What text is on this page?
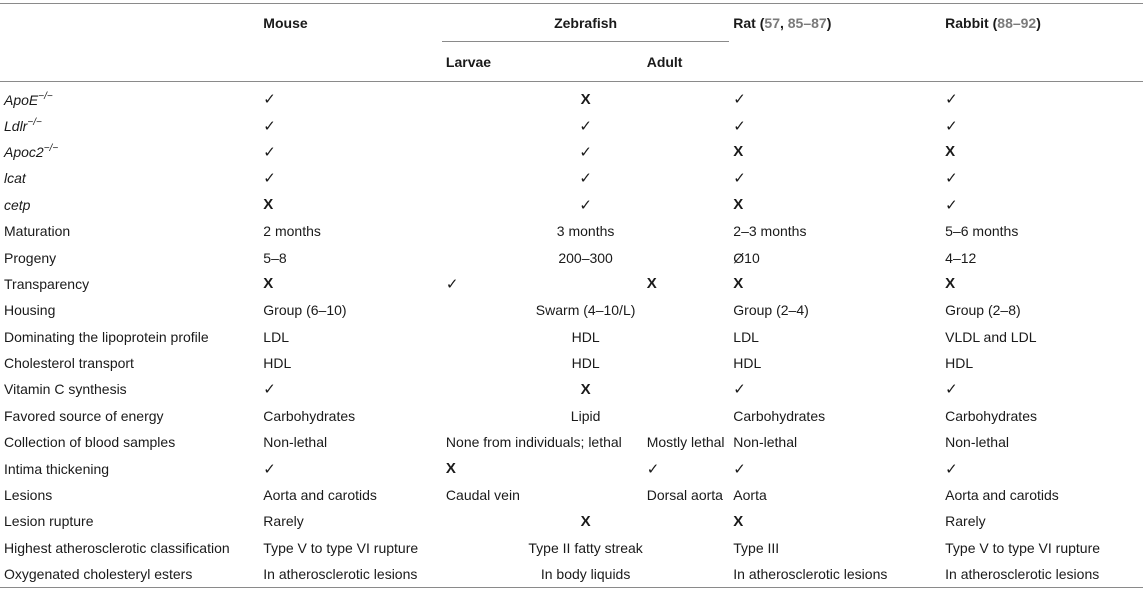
	Mouse	Zebrafish		Rat (57, 85–87)	Rabbit (88–92)
		Larvae	Adult		
ApoE−/−	✓	X		✓	✓
Ldlr−/−	✓	✓		✓	✓
Apoc2−/−	✓	✓		X	X
lcat	✓	✓		✓	✓
cetp	X	✓		X	✓
Maturation	2 months	3 months		2–3 months	5–6 months
Progeny	5–8	200–300		Ø10	4–12
Transparency	X	✓	X	X	X
Housing	Group (6–10)	Swarm (4–10/L)		Group (2–4)	Group (2–8)
Dominating the lipoprotein profile	LDL	HDL		LDL	VLDL and LDL
Cholesterol transport	HDL	HDL		HDL	HDL
Vitamin C synthesis	✓	X		✓	✓
Favored source of energy	Carbohydrates	Lipid		Carbohydrates	Carbohydrates
Collection of blood samples	Non-lethal	None from individuals; lethal	Mostly lethal	Non-lethal	Non-lethal
Intima thickening	✓	X	✓	✓	✓
Lesions	Aorta and carotids	Caudal vein	Dorsal aorta	Aorta	Aorta and carotids
Lesion rupture	Rarely	X		X	Rarely
Highest atherosclerotic classification	Type V to type VI rupture	Type II fatty streak		Type III	Type V to type VI rupture
Oxygenated cholesteryl esters	In atherosclerotic lesions	In body liquids		In atherosclerotic lesions	In atherosclerotic lesions
